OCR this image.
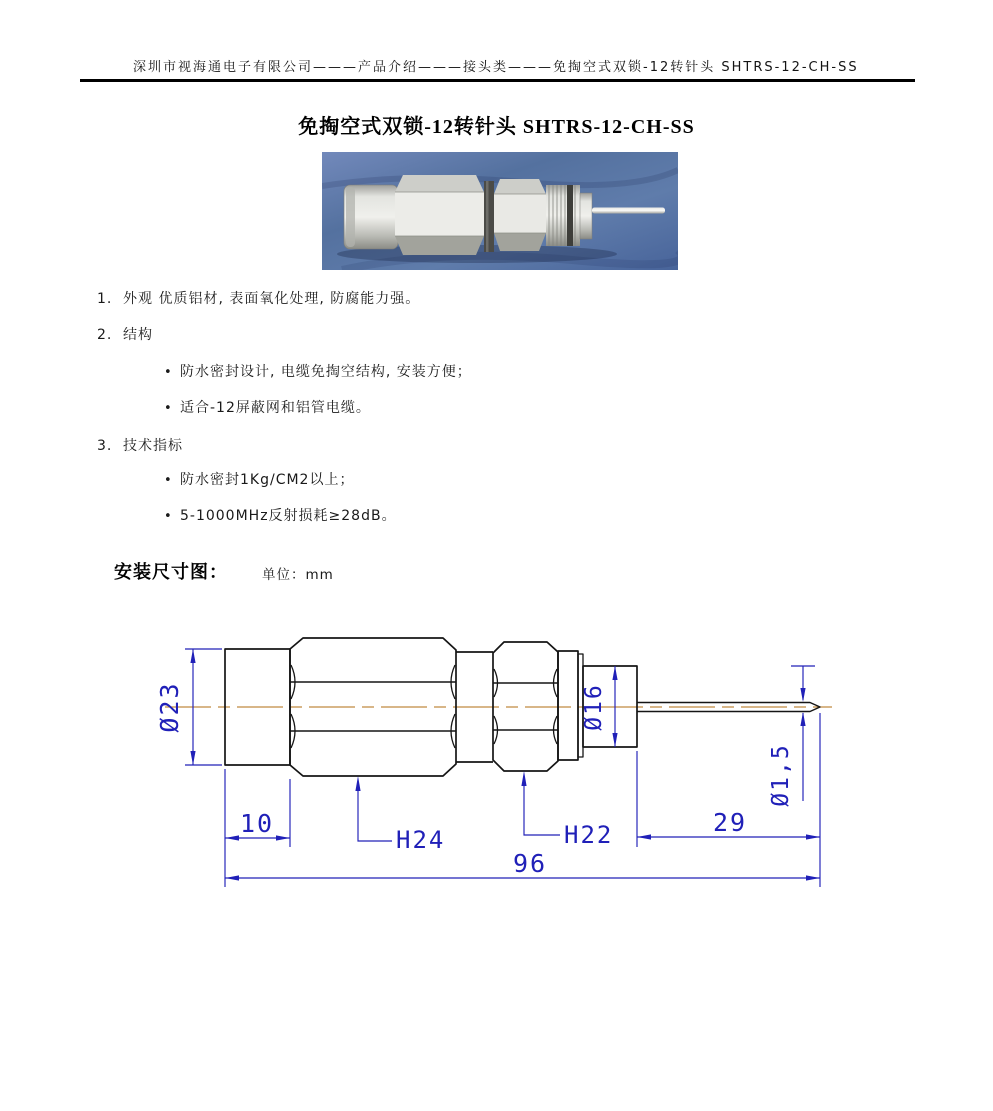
深圳市视海通电子有限公司———产品介绍———接头类———免掏空式双锁-12转针头 SHTRS-12-CH-SS
免掏空式双锁-12转针头 SHTRS-12-CH-SS
1. 外观 优质铝材, 表面氧化处理, 防腐能力强。
2. 结构
• 防水密封设计, 电缆免掏空结构, 安装方便；
• 适合-12屏蔽网和铝管电缆。
3. 技术指标
• 防水密封1Kg/CM2以上；
• 5-1000MHz反射损耗≥28dB。
安装尺寸图：	单位：mm
Ø23
10
H24	H22
Ø16
29
Ø1,5
96
